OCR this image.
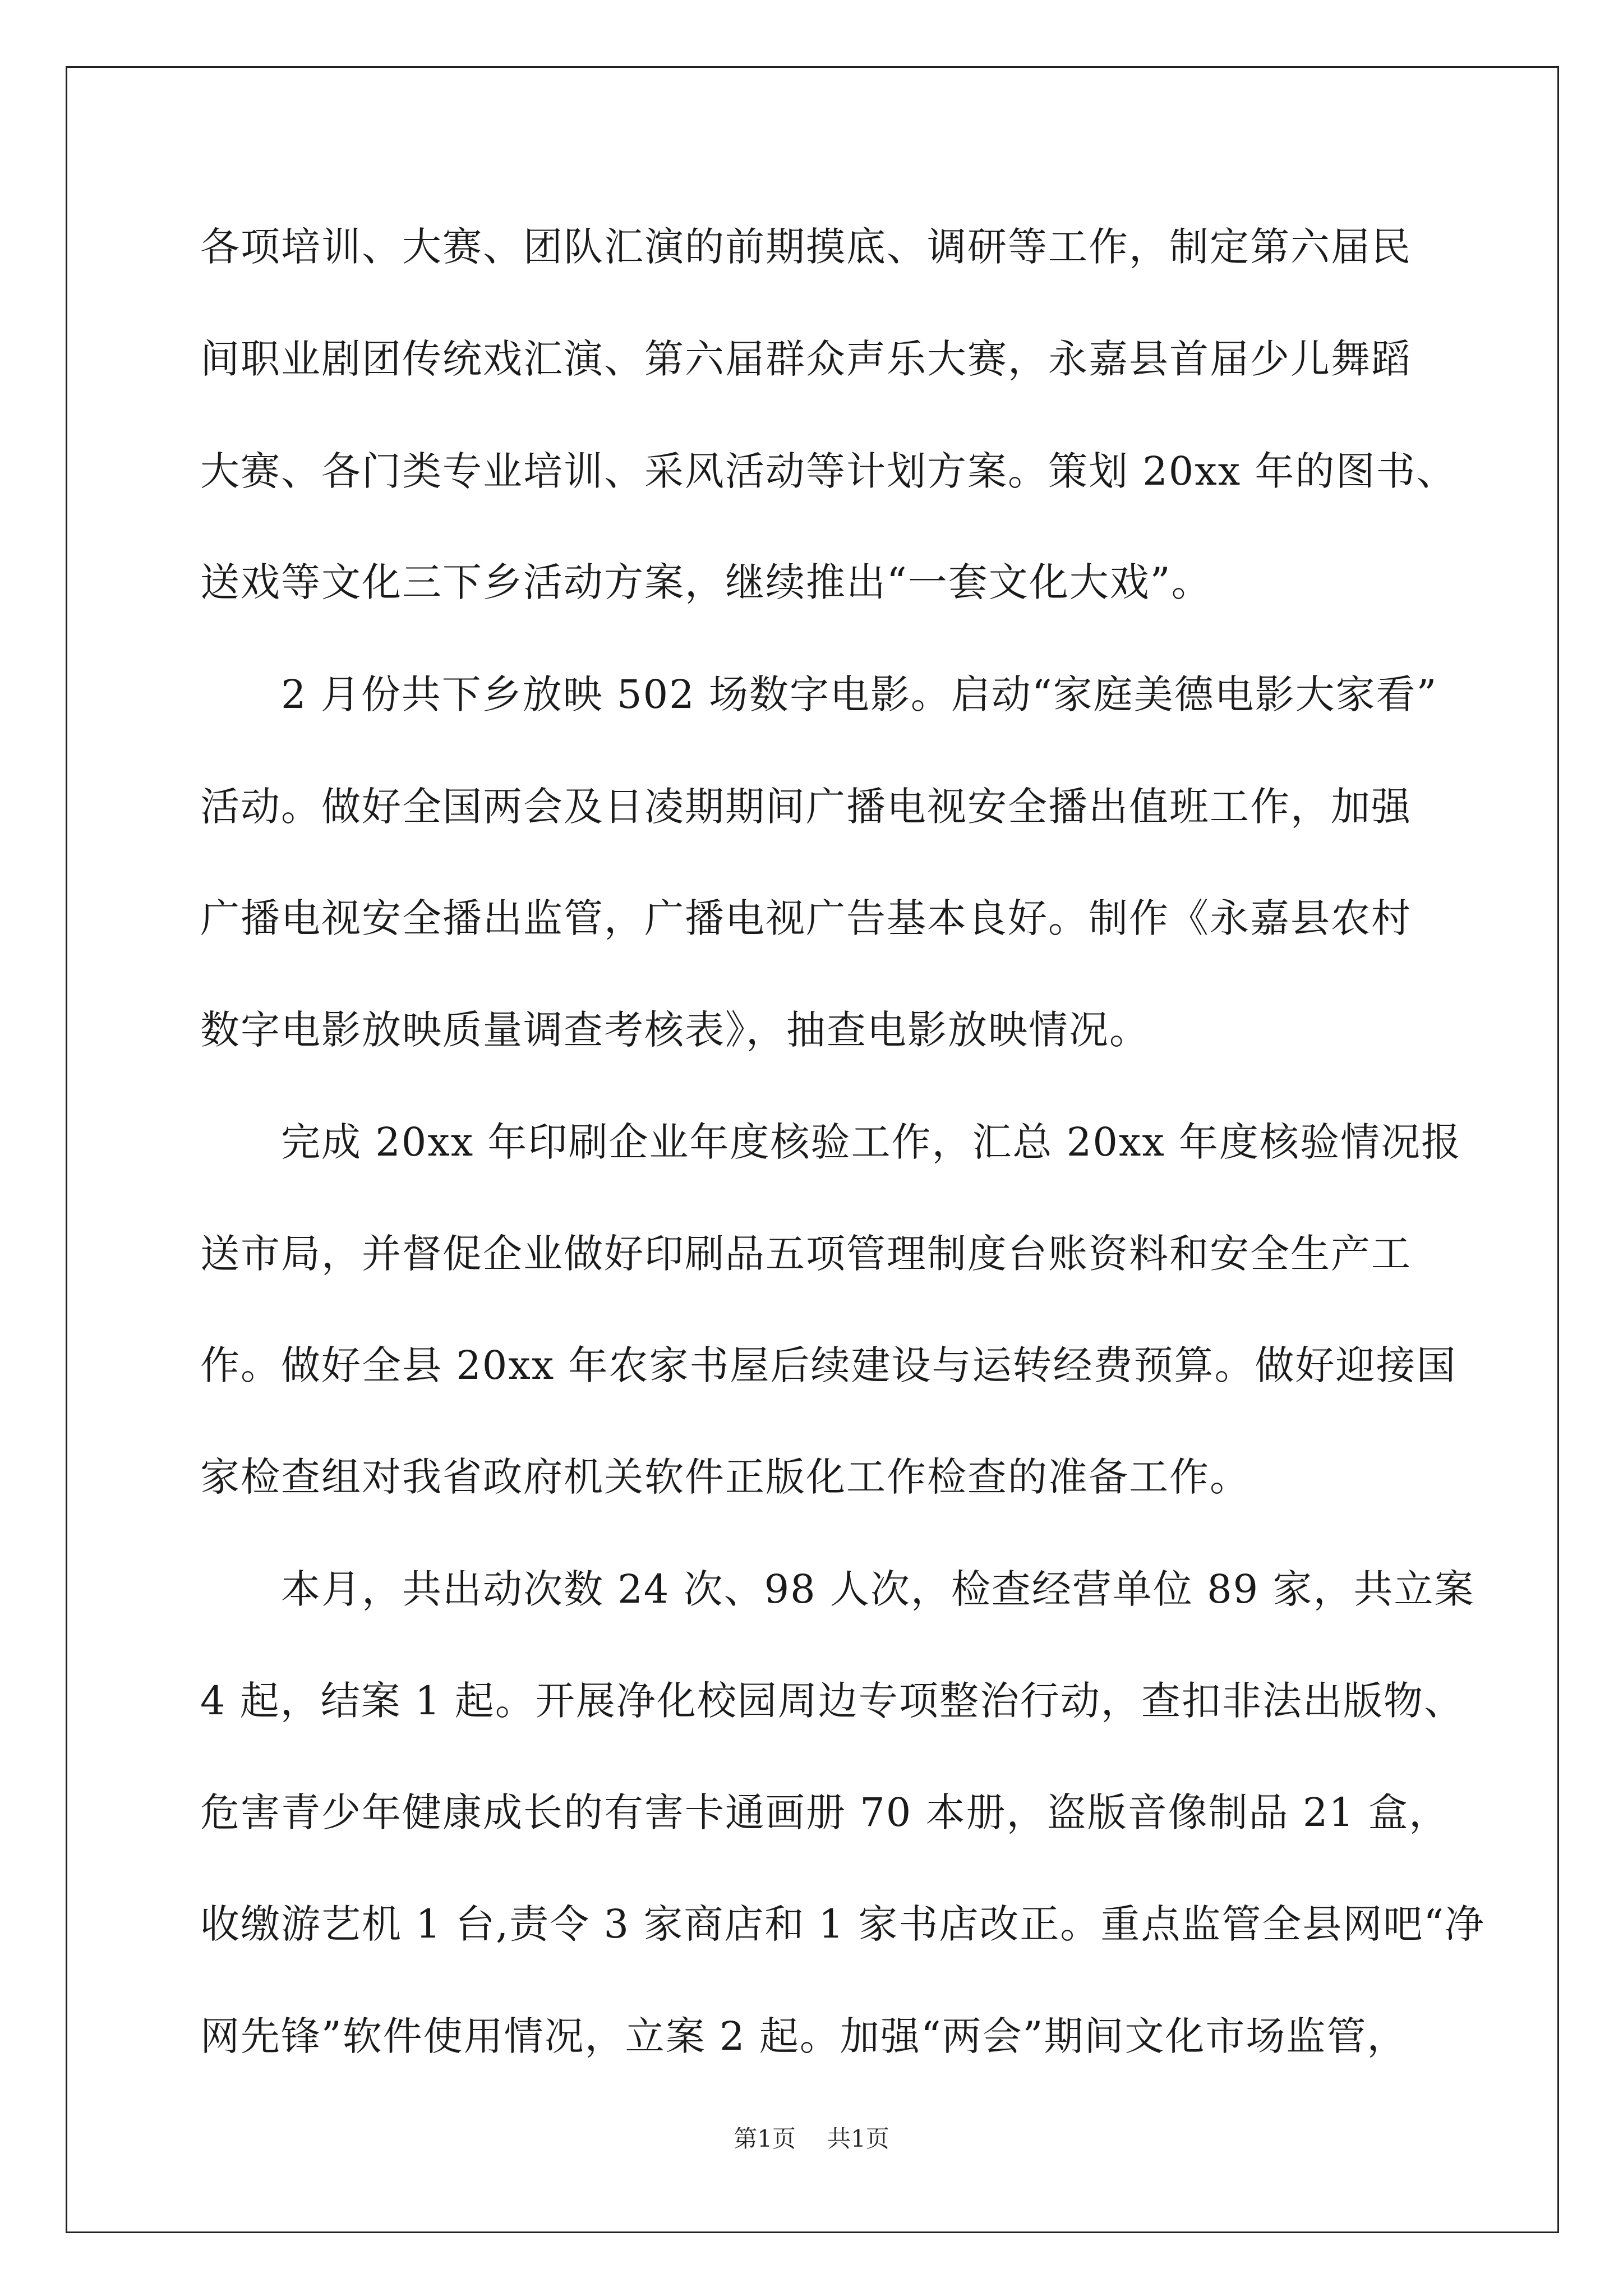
各项培训、大赛、团队汇演的前期摸底、调研等工作，制定第六届民
间职业剧团传统戏汇演、第六届群众声乐大赛，永嘉县首届少儿舞蹈
大赛、各门类专业培训、采风活动等计划方案。策划 20xx 年的图书、
送戏等文化三下乡活动方案，继续推出“一套文化大戏”。
　　2 月份共下乡放映 502 场数字电影。启动“家庭美德电影大家看”
活动。做好全国两会及日凌期期间广播电视安全播出值班工作，加强
广播电视安全播出监管，广播电视广告基本良好。制作《永嘉县农村
数字电影放映质量调查考核表》，抽查电影放映情况。
　　完成 20xx 年印刷企业年度核验工作，汇总 20xx 年度核验情况报
送市局，并督促企业做好印刷品五项管理制度台账资料和安全生产工
作。做好全县 20xx 年农家书屋后续建设与运转经费预算。做好迎接国
家检查组对我省政府机关软件正版化工作检查的准备工作。
　　本月，共出动次数 24 次、98 人次，检查经营单位 89 家，共立案
4 起，结案 1 起。开展净化校园周边专项整治行动，查扣非法出版物、
危害青少年健康成长的有害卡通画册 70 本册，盗版音像制品 21 盒，
收缴游艺机 1 台,责令 3 家商店和 1 家书店改正。重点监管全县网吧“净
网先锋”软件使用情况，立案 2 起。加强“两会”期间文化市场监管，
第1页 共1页
